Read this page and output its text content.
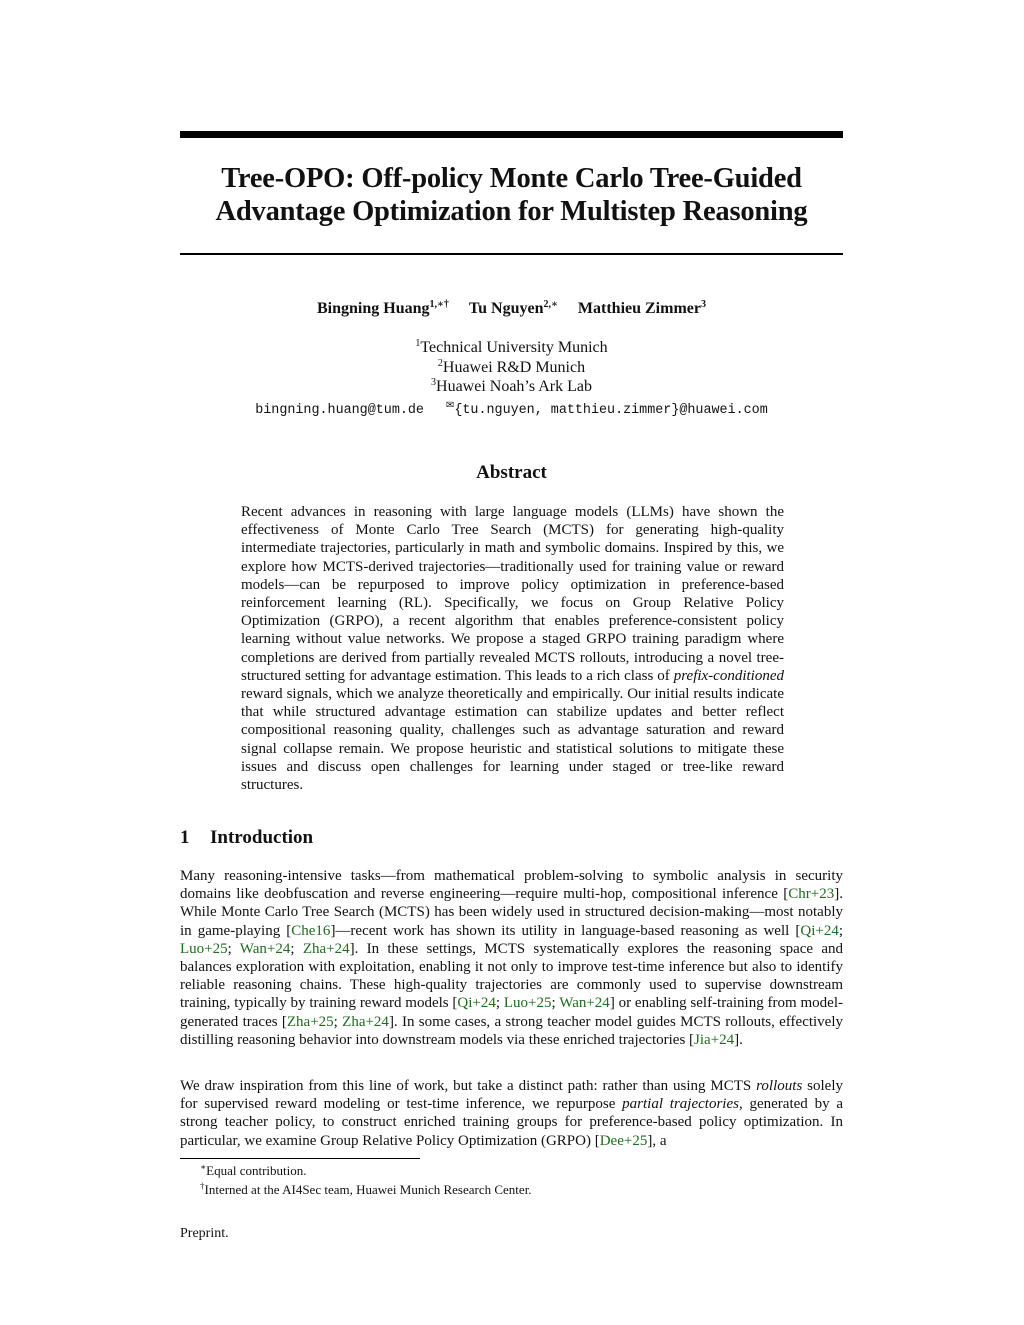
Tree-OPO: Off-policy Monte Carlo Tree-Guided
Advantage Optimization for Multistep Reasoning
Bingning Huang$^{1,∗\dagger}$ Tu Nguyen$^{2,∗}$ Matthieu Zimmer$^3$
$^1$Technical University Munich
$^2$Huawei R&D Munich
$^3$Huawei Noah’s Ark Lab
bingning.huang@tum.de ✉{tu.nguyen, matthieu.zimmer}@huawei.com
Abstract
Recent advances in reasoning with large language models (LLMs) have shown the effectiveness of Monte Carlo Tree Search (MCTS) for generating high-quality intermediate trajectories, particularly in math and symbolic domains. Inspired by this, we explore how MCTS-derived trajectories—traditionally used for training value or reward models—can be repurposed to improve policy optimization in preference-based reinforcement learning (RL). Specifically, we focus on Group Relative Policy Optimization (GRPO), a recent algorithm that enables preference-consistent policy learning without value networks. We propose a staged GRPO training paradigm where completions are derived from partially revealed MCTS rollouts, introducing a novel tree-structured setting for advantage estimation. This leads to a rich class of prefix-conditioned reward signals, which we analyze theoretically and empirically. Our initial results indicate that while structured advantage estimation can stabilize updates and better reflect compositional reasoning quality, challenges such as advantage saturation and reward signal collapse remain. We propose heuristic and statistical solutions to mitigate these issues and discuss open challenges for learning under staged or tree-like reward structures.
1 Introduction
Many reasoning-intensive tasks—from mathematical problem-solving to symbolic analysis in security domains like deobfuscation and reverse engineering—require multi-hop, compositional inference [Chr+23]. While Monte Carlo Tree Search (MCTS) has been widely used in structured decision-making—most notably in game-playing [Che16]—recent work has shown its utility in language-based reasoning as well [Qi+24; Luo+25; Wan+24; Zha+24]. In these settings, MCTS systematically explores the reasoning space and balances exploration with exploitation, enabling it not only to improve test-time inference but also to identify reliable reasoning chains. These high-quality trajectories are commonly used to supervise downstream training, typically by training reward models [Qi+24; Luo+25; Wan+24] or enabling self-training from model-generated traces [Zha+25; Zha+24]. In some cases, a strong teacher model guides MCTS rollouts, effectively distilling reasoning behavior into downstream models via these enriched trajectories [Jia+24].
We draw inspiration from this line of work, but take a distinct path: rather than using MCTS rollouts solely for supervised reward modeling or test-time inference, we repurpose partial trajectories, generated by a strong teacher policy, to construct enriched training groups for preference-based policy optimization. In particular, we examine Group Relative Policy Optimization (GRPO) [Dee+25], a
∗Equal contribution.
†Interned at the AI4Sec team, Huawei Munich Research Center.
Preprint.
